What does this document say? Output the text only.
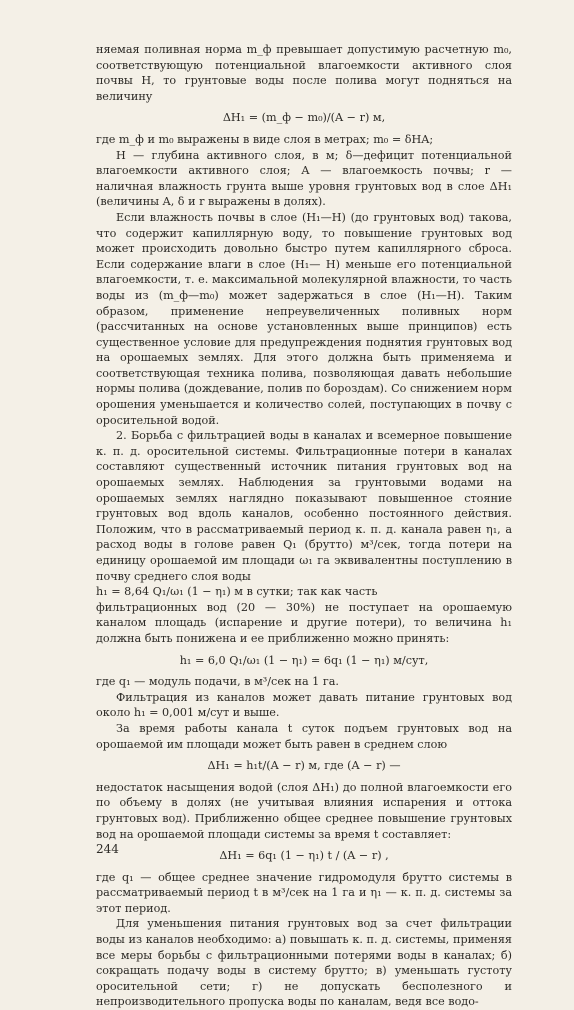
няемая поливная норма m_ф превышает допустимую расчетную m₀, соответствующую потенциальной влагоемкости активного слоя почвы H, то грунтовые воды после полива могут подняться на величину

ΔH₁ = (m_ф − m₀)/(A − r) м,

где m_ф и m₀ выражены в виде слоя в метрах; m₀ = δHA;

H — глубина активного слоя, в м; δ—дефицит потенциальной влагоемкости активного слоя; A — влагоемкость почвы; r — наличная влажность грунта выше уровня грунтовых вод в слое ΔH₁ (величины A, δ и r выражены в долях).

Если влажность почвы в слое (H₁—H) (до грунтовых вод) такова, что содержит капиллярную воду, то повышение грунтовых вод может происходить довольно быстро путем капиллярного сброса. Если содержание влаги в слое (H₁— H) меньше его потенциальной влагоемкости, т. е. максимальной молекулярной влажности, то часть воды из (m_ф—m₀) может задержаться в слое (H₁—H). Таким образом, применение непреувеличенных поливных норм (рассчитанных на основе установленных выше принципов) есть существенное условие для предупреждения поднятия грунтовых вод на орошаемых землях. Для этого должна быть применяема и соответствующая техника полива, позволяющая давать небольшие нормы полива (дождевание, полив по бороздам). Со снижением норм орошения уменьшается и количество солей, поступающих в почву с оросительной водой.

2. Борьба с фильтрацией воды в каналах и всемерное повышение к. п. д. оросительной системы. Фильтрационные потери в каналах составляют существенный источник питания грунтовых вод на орошаемых землях. Наблюдения за грунтовыми водами на орошаемых землях наглядно показывают повышенное стояние грунтовых вод вдоль каналов, особенно постоянного действия. Положим, что в рассматриваемый период к. п. д. канала равен η₁, а расход воды в голове равен Q₁ (брутто) м³/сек, тогда потери на единицу орошаемой им площади ω₁ га эквивалентны поступлению в почву среднего слоя воды

h₁ = 8,64 Q₁/ω₁ (1 − η₁) м в сутки; так как часть

фильтрационных вод (20 — 30%) не поступает на орошаемую каналом площадь (испарение и другие потери), то величина h₁ должна быть понижена и ее приближенно можно принять:

h₁ = 6,0 Q₁/ω₁ (1 − η₁) = 6q₁ (1 − η₁) м/сут,

где q₁ — модуль подачи, в м³/сек на 1 га.

Фильтрация из каналов может давать питание грунтовых вод около h₁ = 0,001 м/сут и выше.

За время работы канала t суток подъем грунтовых вод на орошаемой им площади может быть равен в среднем слою

ΔH₁ = h₁t/(A − r) м, где (A − r) —

недостаток насыщения водой (слоя ΔH₁) до полной влагоемкости его по объему в долях (не учитывая влияния испарения и оттока грунтовых вод). Приближенно общее среднее повышение грунтовых вод на орошаемой площади системы за время t составляет:

ΔH₁ = 6q₁ (1 − η₁) t / (A − r) ,

где q₁ — общее среднее значение гидромодуля брутто системы в рассматриваемый период t в м³/сек на 1 га и η₁ — к. п. д. системы за этот период.

Для уменьшения питания грунтовых вод за счет фильтрации воды из каналов необходимо: а) повышать к. п. д. системы, применяя все меры борьбы с фильтрационными потерями воды в каналах; б) сокращать подачу воды в систему брутто; в) уменьшать густоту оросительной сети; г) не допускать бесполезного и непроизводительного пропуска воды по каналам, ведя все водо-

244
